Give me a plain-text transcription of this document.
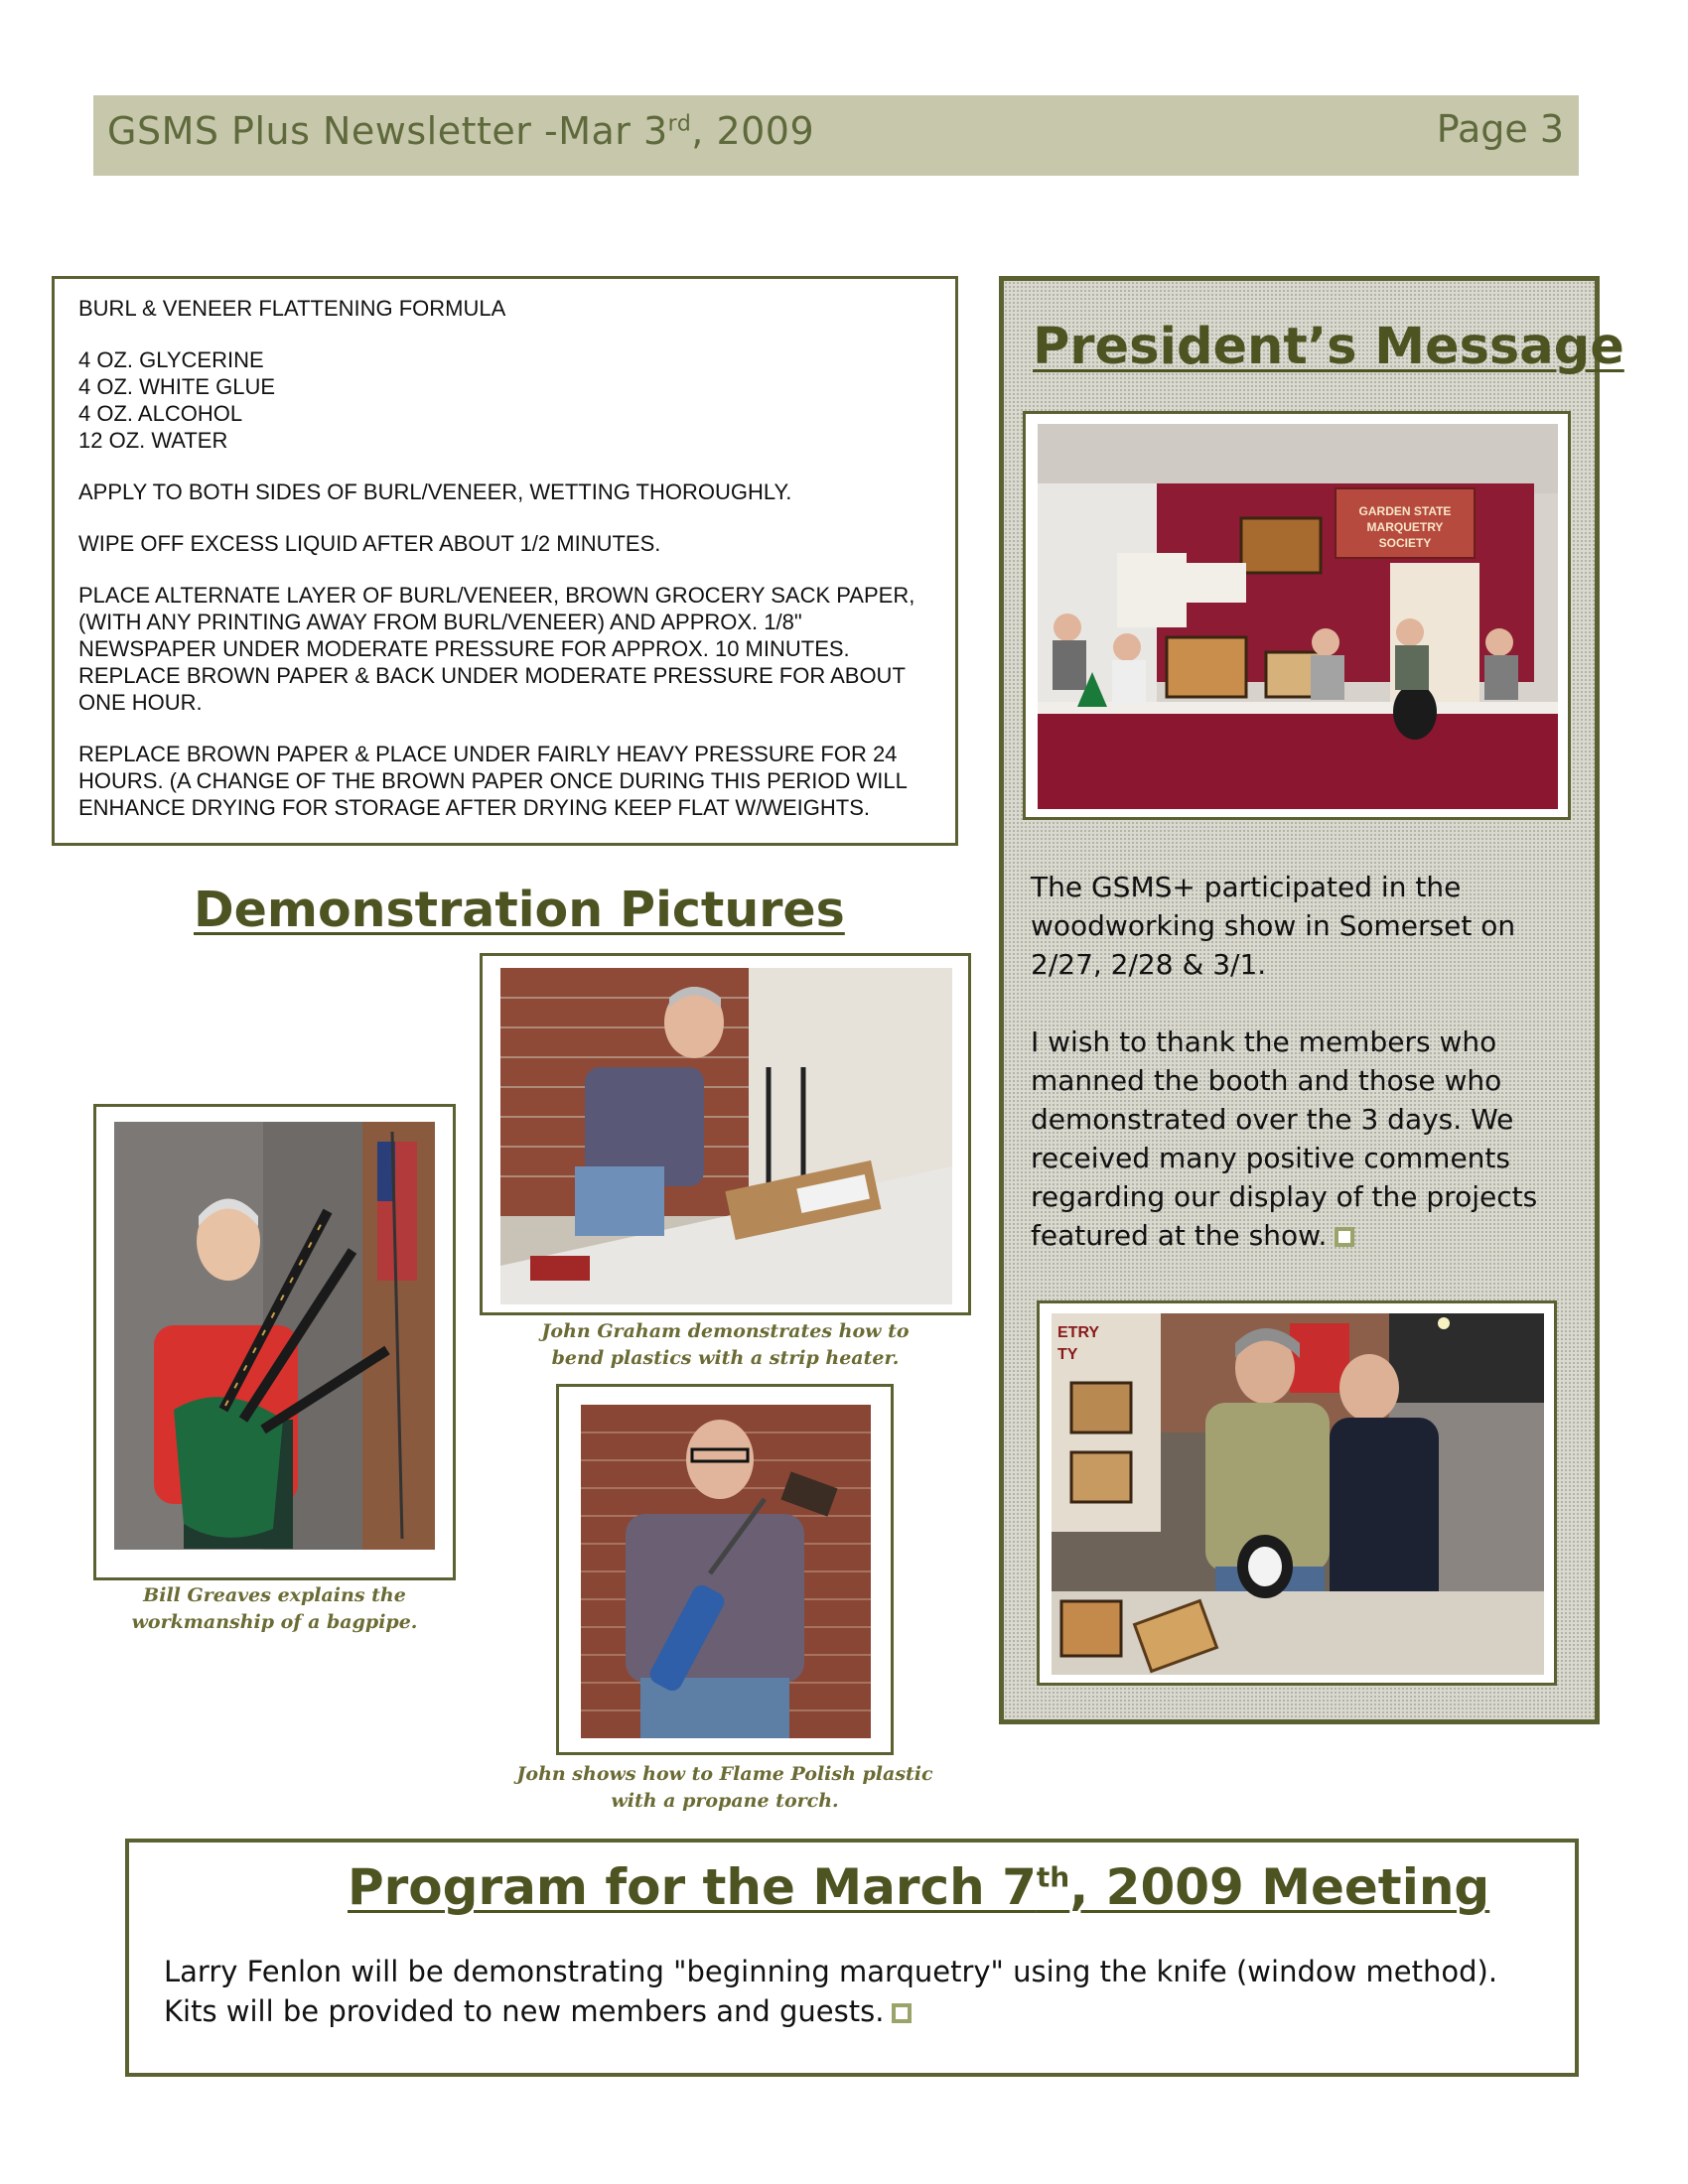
GSMS Plus Newsletter -Mar 3rd, 2009	Page 3
BURL & VENEER FLATTENING FORMULA
4 OZ. GLYCERINE
4 OZ. WHITE GLUE
4 OZ. ALCOHOL
12 OZ. WATER
APPLY TO BOTH SIDES OF BURL/VENEER, WETTING THOROUGHLY.
WIPE OFF EXCESS LIQUID AFTER ABOUT 1/2 MINUTES.
PLACE ALTERNATE LAYER OF BURL/VENEER, BROWN GROCERY SACK PAPER,
(WITH ANY PRINTING AWAY FROM BURL/VENEER) AND APPROX. 1/8"
NEWSPAPER UNDER MODERATE PRESSURE FOR APPROX. 10 MINUTES.
REPLACE BROWN PAPER & BACK UNDER MODERATE PRESSURE FOR ABOUT
ONE HOUR.
REPLACE BROWN PAPER & PLACE UNDER FAIRLY HEAVY PRESSURE FOR 24
HOURS. (A CHANGE OF THE BROWN PAPER ONCE DURING THIS PERIOD WILL
ENHANCE DRYING FOR STORAGE AFTER DRYING KEEP FLAT W/WEIGHTS.
Demonstration Pictures
Bill Greaves explains the
workmanship of a bagpipe.
John Graham demonstrates how to
bend plastics with a strip heater.
John shows how to Flame Polish plastic
with a propane torch.
President’s Message
GARDEN STATE
MARQUETRY
SOCIETY

The GSMS+ participated in the woodworking show in Somerset on 2/27, 2/28 & 3/1.

I wish to thank the members who manned the booth and those who demonstrated over the 3 days. We received many positive comments regarding our display of the projects featured at the show.

ETRY
TY
Program for the March 7th, 2009 Meeting
Larry Fenlon will be demonstrating "beginning marquetry" using the knife (window method). Kits will be provided to new members and guests.
